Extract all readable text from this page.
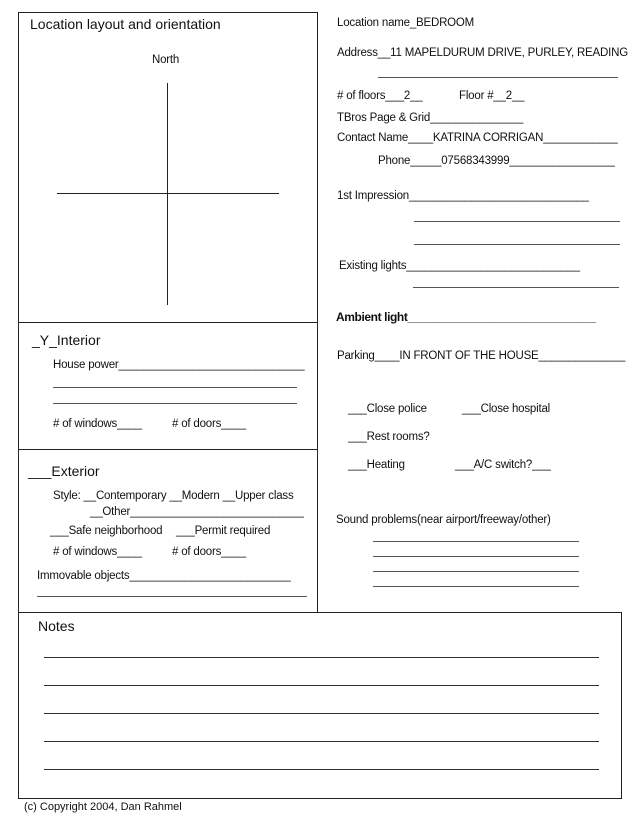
Location layout and orientation
North
_Y_Interior
House power______________________________
# of windows____	# of doors____
___Exterior
Style: __Contemporary __Modern __Upper class
__Other____________________________
___Safe neighborhood ___Permit required
# of windows____	# of doors____
Immovable objects__________________________
Location name_BEDROOM
Address__11 MAPELDURUM DRIVE, PURLEY, READING
# of floors___2__	Floor #__2__
TBros Page & Grid_______________
Contact Name____KATRINA CORRIGAN____________
Phone_____07568343999_________________
1st Impression_____________________________
Existing lights____________________________
Ambient light______________________________
Parking____IN FRONT OF THE HOUSE______________
___Close police	___Close hospital
___Rest rooms?
___Heating	___A/C switch?___
Sound problems(near airport/freeway/other)
Notes
(c) Copyright 2004, Dan Rahmel
